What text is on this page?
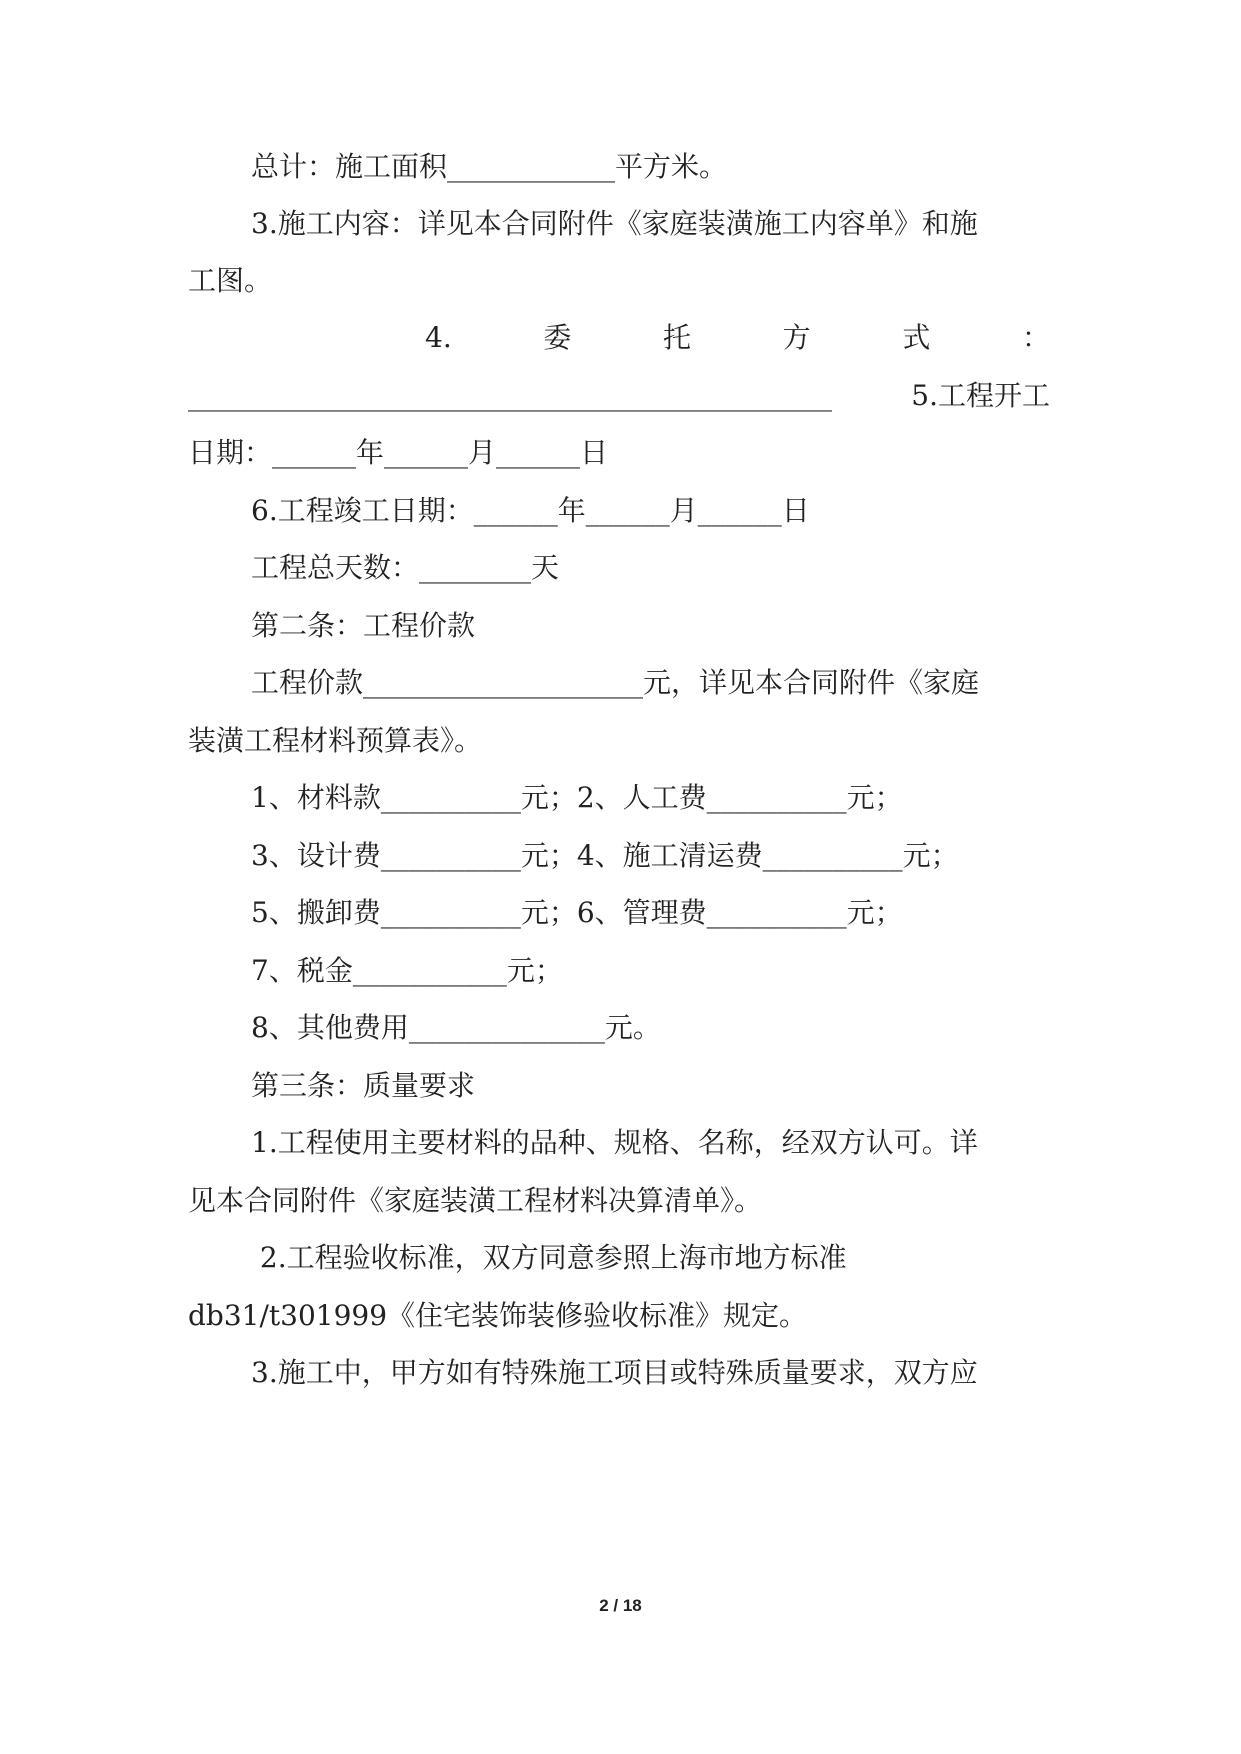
总计：施工面积____________平方米。
3.施工内容：详见本合同附件《家庭装潢施工内容单》和施
工图。
4.	委	托	方	式	：
______________________________________________	5.工程开工
日期：______年______月______日
6.工程竣工日期：______年______月______日
工程总天数：________天
第二条：工程价款
工程价款____________________元，详见本合同附件《家庭
装潢工程材料预算表》。
1、材料款__________元；2、人工费__________元；
3、设计费__________元；4、施工清运费__________元；
5、搬卸费__________元；6、管理费__________元；
7、税金___________元；
8、其他费用______________元。
第三条：质量要求
1.工程使用主要材料的品种、规格、名称，经双方认可。详
见本合同附件《家庭装潢工程材料决算清单》。
2.工程验收标准，双方同意参照上海市地方标准
db31/t301999《住宅装饰装修验收标准》规定。
3.施工中，甲方如有特殊施工项目或特殊质量要求，双方应
2 / 18
